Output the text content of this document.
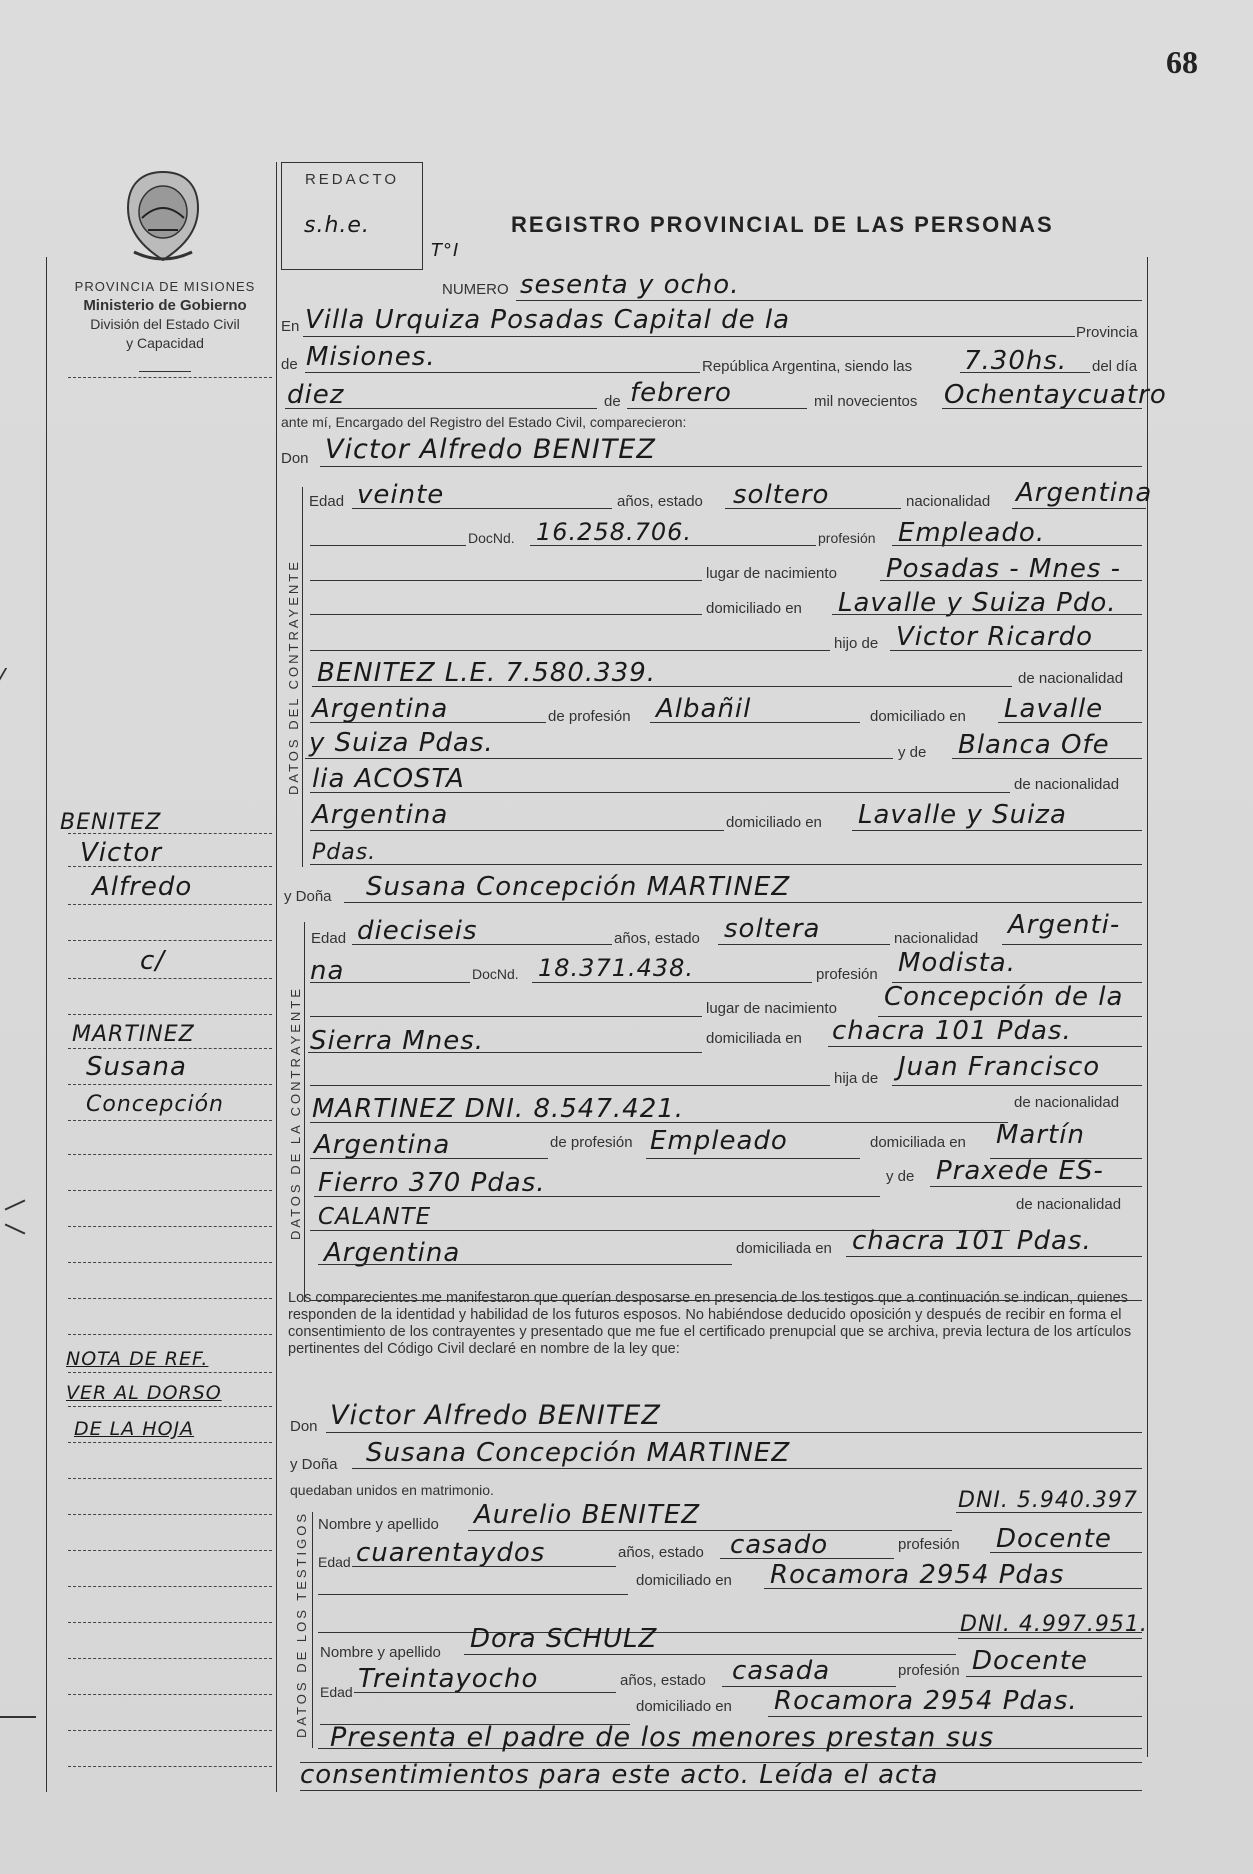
68
PROVINCIA DE MISIONES
Ministerio de Gobierno
División del Estado Civil
y Capacidad
REDACTO
s.h.e.
T°I
REGISTRO PROVINCIAL DE LAS PERSONAS
NUMERO sesenta y ocho.
En Villa Urquiza Posadas Capital de la	Provincia
de Misiones.	República Argentina, siendo las 7.30hs. del día
diez	de febrero	mil novecientos Ochentaycuatro
ante mí, Encargado del Registro del Estado Civil, comparecieron:
Don Victor Alfredo BENITEZ
DATOS DEL CONTRAYENTE
Edad veinte	años, estado soltero	nacionalidad Argentina
DocNd. 16.258.706.	profesión Empleado.
lugar de nacimiento Posadas - Mnes -
domiciliado en Lavalle y Suiza Pdo.
hijo de Victor Ricardo
BENITEZ L.E. 7.580.339.	de nacionalidad
Argentina	de profesión Albañil	domiciliado en Lavalle
y Suiza Pdas.	y de Blanca Ofe
lia ACOSTA	de nacionalidad
Argentina	domiciliado en Lavalle y Suiza
Pdas.
y Doña Susana Concepción MARTINEZ
DATOS DE LA CONTRAYENTE
Edad dieciseis	años, estado soltera	nacionalidad Argenti-
na	DocNd. 18.371.438.	profesión Modista.
lugar de nacimiento Concepción de la
Sierra Mnes.	domiciliada en chacra 101 Pdas.
hija de Juan Francisco
MARTINEZ DNI. 8.547.421.	de nacionalidad
Argentina	de profesión Empleado	domiciliada en Martín
Fierro 370 Pdas.	y de Praxede ES-
CALANTE	de nacionalidad
Argentina	domiciliada en chacra 101 Pdas.
Los comparecientes me manifestaron que querían desposarse en presencia de los testigos que a continuación se indican, quienes responden de la identidad y habilidad de los futuros esposos. No habiéndose deducido oposición y después de recibir en forma el consentimiento de los contrayentes y presentado que me fue el certificado prenupcial que se archiva, previa lectura de los artículos pertinentes del Código Civil declaré en nombre de la ley que:
Don Victor Alfredo BENITEZ
y Doña Susana Concepción MARTINEZ
quedaban unidos en matrimonio.
DATOS DE LOS TESTIGOS Nombre y apellido Aurelio BENITEZ	DNI. 5.940.397
Edad cuarentaydos	años, estado casado	profesión Docente
domiciliado en Rocamora 2954 Pdas
Nombre y apellido Dora SCHULZ	DNI. 4.997.951.
Edad Treintayocho	años, estado casada	profesión Docente
domiciliado en Rocamora 2954 Pdas.
Presenta el padre de los menores prestan sus
consentimientos para este acto. Leída el acta
BENITEZ
Victor
Alfredo
c/
MARTINEZ
Susana
Concepción
NOTA DE REF.
VER AL DORSO
DE LA HOJA
